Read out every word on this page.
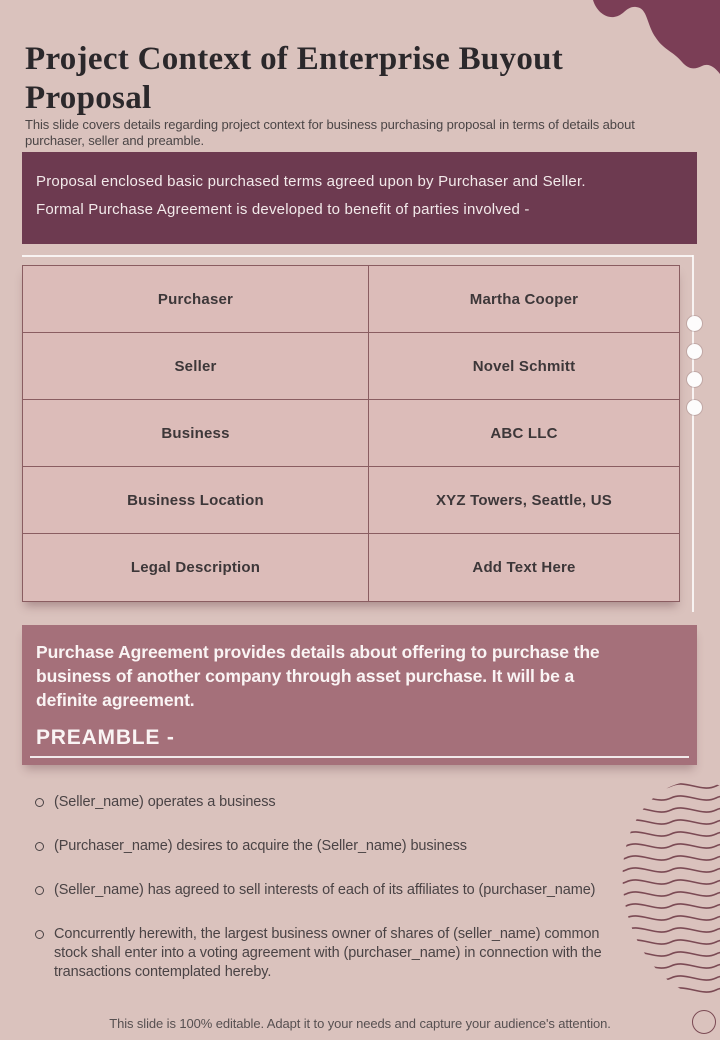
Project Context of Enterprise Buyout
Proposal

This slide covers details regarding project context for business purchasing proposal in terms of details about purchaser, seller and preamble.

Proposal enclosed basic purchased terms agreed upon by Purchaser and Seller.
Formal Purchase Agreement is developed to benefit of parties involved -
Purchaser	Martha Cooper
Seller	Novel Schmitt
Business	ABC LLC
Business Location	XYZ Towers, Seattle, US
Legal Description	Add Text Here
Purchase Agreement provides details about offering to purchase the business of another company through asset purchase. It will be a definite agreement.
PREAMBLE -
(Seller_name) operates a business
(Purchaser_name) desires to acquire the (Seller_name) business
(Seller_name) has agreed to sell interests of each of its affiliates to (purchaser_name)
Concurrently herewith, the largest business owner of shares of (seller_name) common stock shall enter into a voting agreement with (purchaser_name) in connection with the transactions contemplated hereby.
This slide is 100% editable. Adapt it to your needs and capture your audience's attention.
